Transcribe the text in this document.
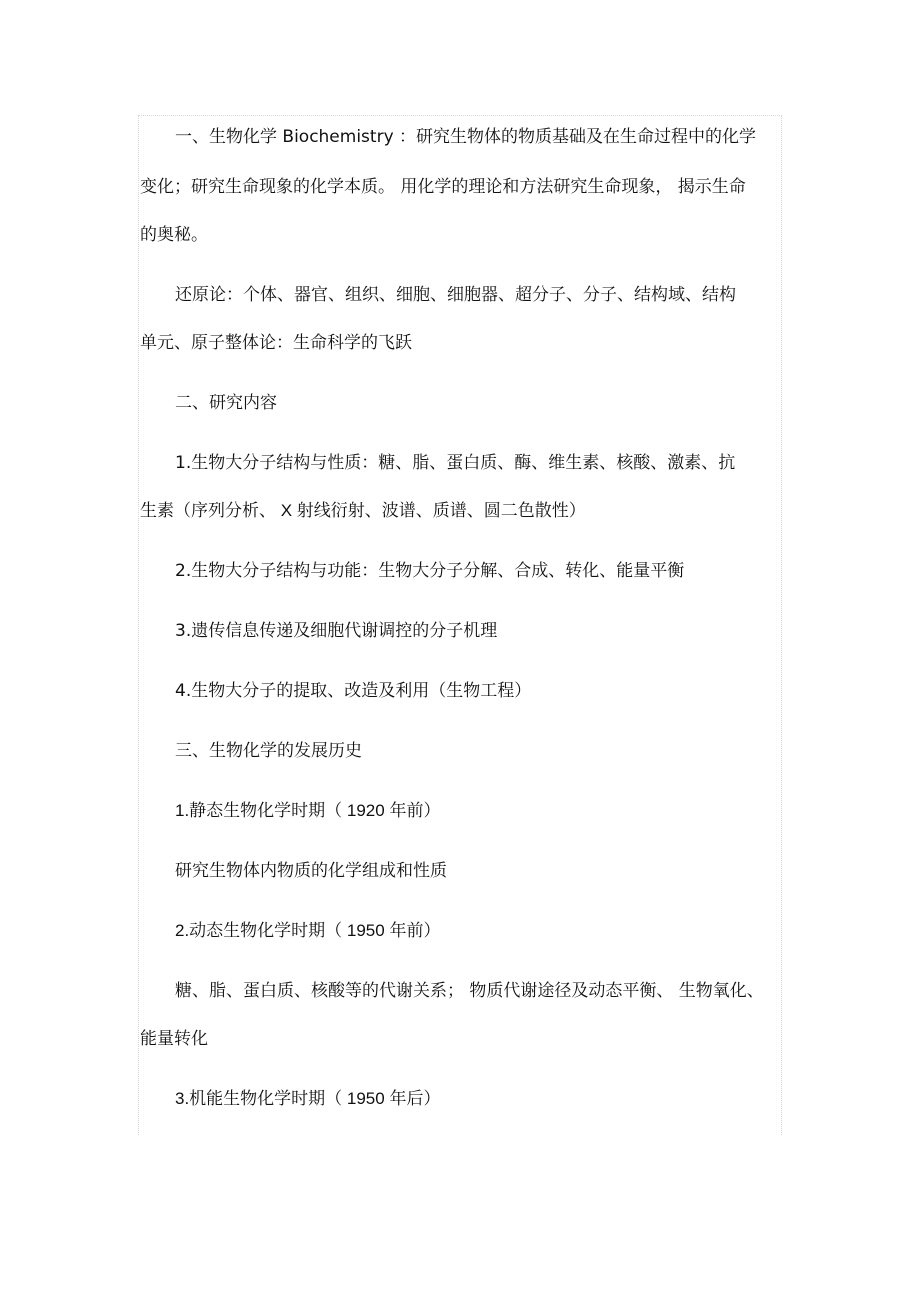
一、生物化学 Biochemistry ：研究生物体的物质基础及在生命过程中的化学
变化；研究生命现象的化学本质。 用化学的理论和方法研究生命现象， 揭示生命
的奥秘。
还原论：个体、器官、组织、细胞、细胞器、超分子、分子、结构域、结构
单元、原子整体论：生命科学的飞跃
二、研究内容
1.生物大分子结构与性质：糖、脂、蛋白质、酶、维生素、核酸、激素、抗
生素（序列分析、 X 射线衍射、波谱、质谱、圆二色散性）
2.生物大分子结构与功能：生物大分子分解、合成、转化、能量平衡
3.遗传信息传递及细胞代谢调控的分子机理
4.生物大分子的提取、改造及利用（生物工程）
三、生物化学的发展历史
1.静态生物化学时期（ 1920 年前）
研究生物体内物质的化学组成和性质
2.动态生物化学时期（ 1950 年前）
糖、脂、蛋白质、核酸等的代谢关系； 物质代谢途径及动态平衡、 生物氧化、
能量转化
3.机能生物化学时期（ 1950 年后）
